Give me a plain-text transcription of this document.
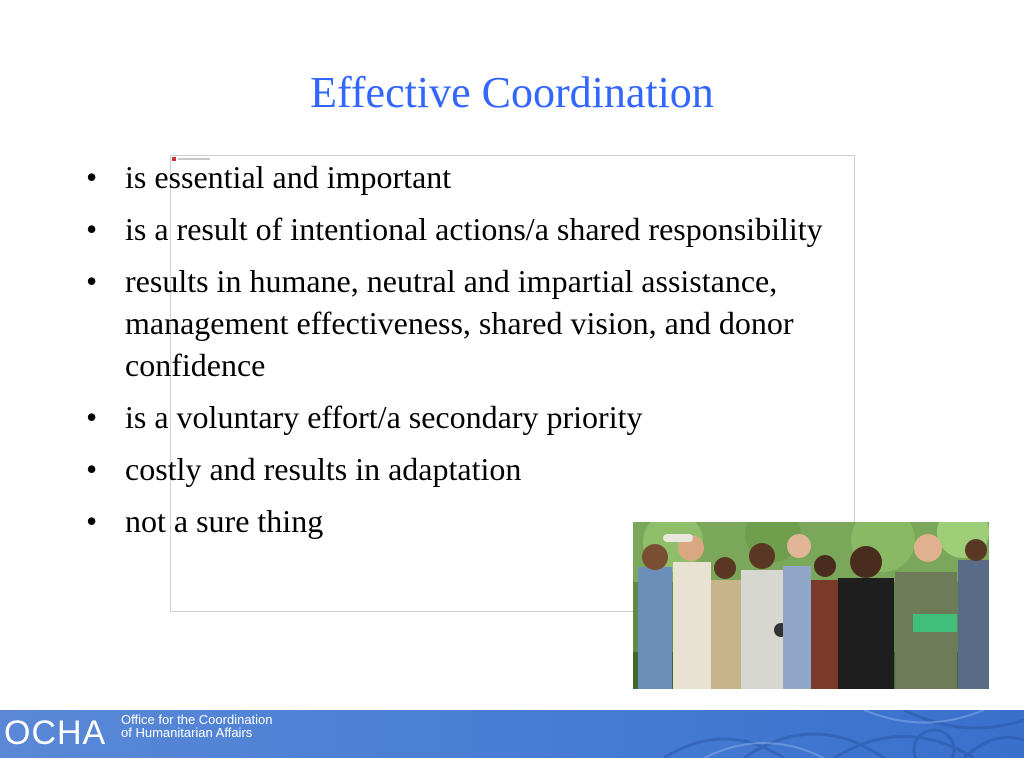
Effective Coordination
• is essential and important
• is a result of intentional actions/a shared responsibility
• results in humane, neutral and impartial assistance, management effectiveness, shared vision, and donor confidence
• is a voluntary effort/a secondary priority
• costly and results in adaptation
• not a sure thing
OCHA Office for the Coordination
of Humanitarian Affairs
